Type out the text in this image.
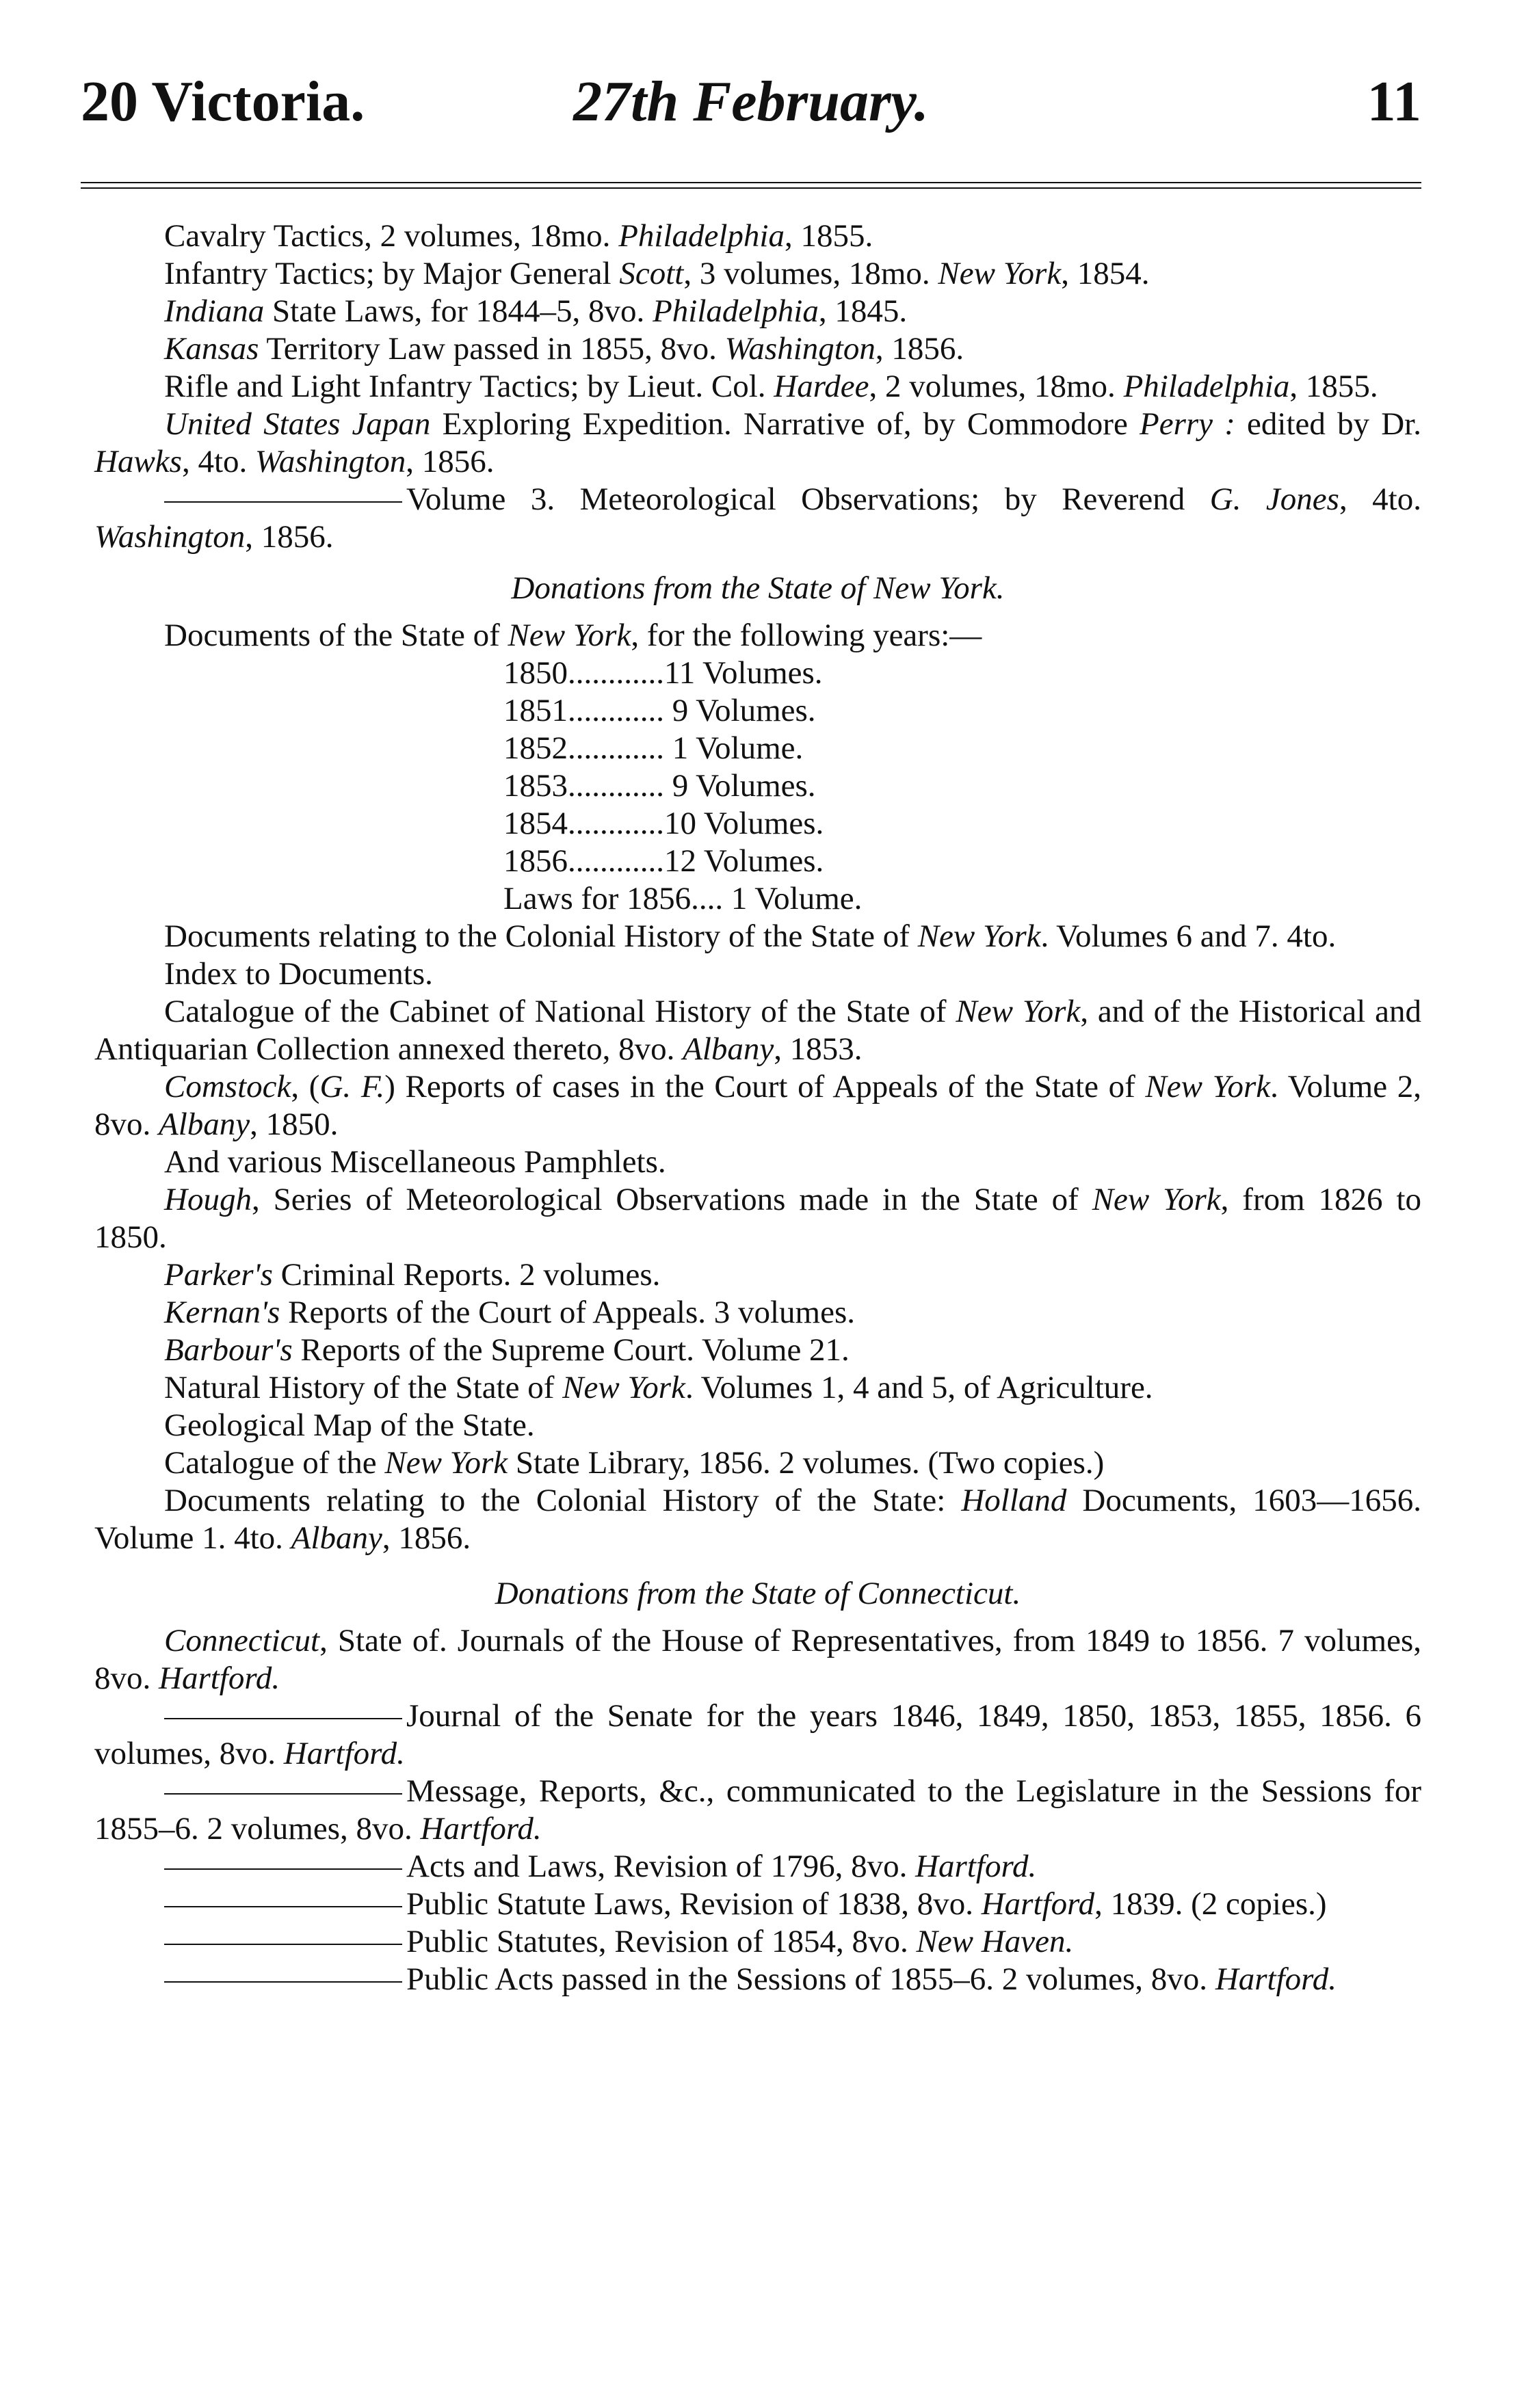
20 Victoria.	27th February.	11

Cavalry Tactics, 2 volumes, 18mo. Philadelphia, 1855.

Infantry Tactics; by Major General Scott, 3 volumes, 18mo. New York, 1854.

Indiana State Laws, for 1844–5, 8vo. Philadelphia, 1845.

Kansas Territory Law passed in 1855, 8vo. Washington, 1856.

Rifle and Light Infantry Tactics; by Lieut. Col. Hardee, 2 volumes, 18mo. Philadelphia, 1855.

United States Japan Exploring Expedition. Narrative of, by Commodore Perry : edited by Dr. Hawks, 4to. Washington, 1856.

Volume 3. Meteorological Observations; by Reverend G. Jones, 4to. Washington, 1856.

Donations from the State of New York.

Documents of the State of New York, for the following years:—

1850............11 Volumes.
1851............ 9 Volumes.
1852............ 1 Volume.
1853............ 9 Volumes.
1854............10 Volumes.
1856............12 Volumes.
Laws for 1856.... 1 Volume.

Documents relating to the Colonial History of the State of New York. Volumes 6 and 7. 4to.

Index to Documents.

Catalogue of the Cabinet of National History of the State of New York, and of the Historical and Antiquarian Collection annexed thereto, 8vo. Albany, 1853.

Comstock, (G. F.) Reports of cases in the Court of Appeals of the State of New York. Volume 2, 8vo. Albany, 1850.

And various Miscellaneous Pamphlets.

Hough, Series of Meteorological Observations made in the State of New York, from 1826 to 1850.

Parker's Criminal Reports. 2 volumes.

Kernan's Reports of the Court of Appeals. 3 volumes.

Barbour's Reports of the Supreme Court. Volume 21.

Natural History of the State of New York. Volumes 1, 4 and 5, of Agriculture.

Geological Map of the State.

Catalogue of the New York State Library, 1856. 2 volumes. (Two copies.)

Documents relating to the Colonial History of the State: Holland Documents, 1603—1656. Volume 1. 4to. Albany, 1856.

Donations from the State of Connecticut.

Connecticut, State of. Journals of the House of Representatives, from 1849 to 1856. 7 volumes, 8vo. Hartford.

Journal of the Senate for the years 1846, 1849, 1850, 1853, 1855, 1856. 6 volumes, 8vo. Hartford.

Message, Reports, &c., communicated to the Legislature in the Sessions for 1855–6. 2 volumes, 8vo. Hartford.

Acts and Laws, Revision of 1796, 8vo. Hartford.

Public Statute Laws, Revision of 1838, 8vo. Hartford, 1839. (2 copies.)

Public Statutes, Revision of 1854, 8vo. New Haven.

Public Acts passed in the Sessions of 1855–6. 2 volumes, 8vo. Hartford.
